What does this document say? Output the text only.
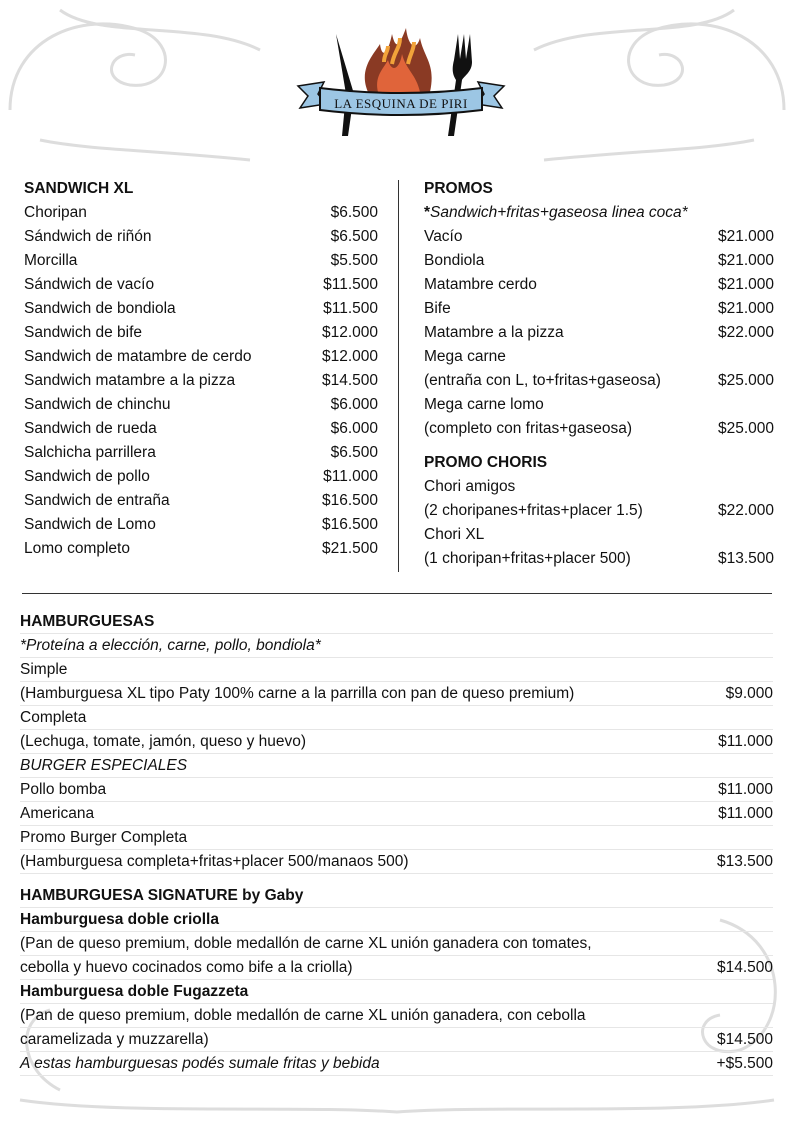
LA ESQUINA DE PIRI
SANDWICH XL
Choripan	$6.500
Sándwich de riñón	$6.500
Morcilla	$5.500
Sándwich de vacío	$11.500
Sandwich de bondiola	$11.500
Sandwich de bife	$12.000
Sandwich de matambre de cerdo	$12.000
Sandwich matambre a la pizza	$14.500
Sandwich de chinchu	$6.000
Sandwich de rueda	$6.000
Salchicha parrillera	$6.500
Sandwich de pollo	$11.000
Sandwich de entraña	$16.500
Sandwich de Lomo	$16.500
Lomo completo	$21.500
PROMOS
* Sandwich+fritas+gaseosa linea coca*
Vacío	$21.000
Bondiola	$21.000
Matambre cerdo	$21.000
Bife	$21.000
Matambre a la pizza	$22.000
Mega carne
(entraña con L, to+fritas+gaseosa)	$25.000
Mega carne lomo
(completo con fritas+gaseosa)	$25.000
PROMO CHORIS
Chori amigos
(2 choripanes+fritas+placer 1.5)	$22.000
Chori XL
(1 choripan+fritas+placer 500)	$13.500
HAMBURGUESAS
*Proteína a elección, carne, pollo, bondiola*
Simple
(Hamburguesa XL tipo Paty 100% carne a la parrilla con pan de queso premium)	$9.000
Completa
(Lechuga, tomate, jamón, queso y huevo)	$11.000
BURGER ESPECIALES
Pollo bomba	$11.000
Americana	$11.000
Promo Burger Completa
(Hamburguesa completa+fritas+placer 500/manaos 500)	$13.500
HAMBURGUESA SIGNATURE by Gaby
Hamburguesa doble criolla
(Pan de queso premium, doble medallón de carne XL unión ganadera con tomates,
cebolla y huevo cocinados como bife a la criolla)	$14.500
Hamburguesa doble Fugazzeta
(Pan de queso premium, doble medallón de carne XL unión ganadera, con cebolla
caramelizada y muzzarella)	$14.500
A estas hamburguesas podés sumale fritas y bebida	+$5.500
